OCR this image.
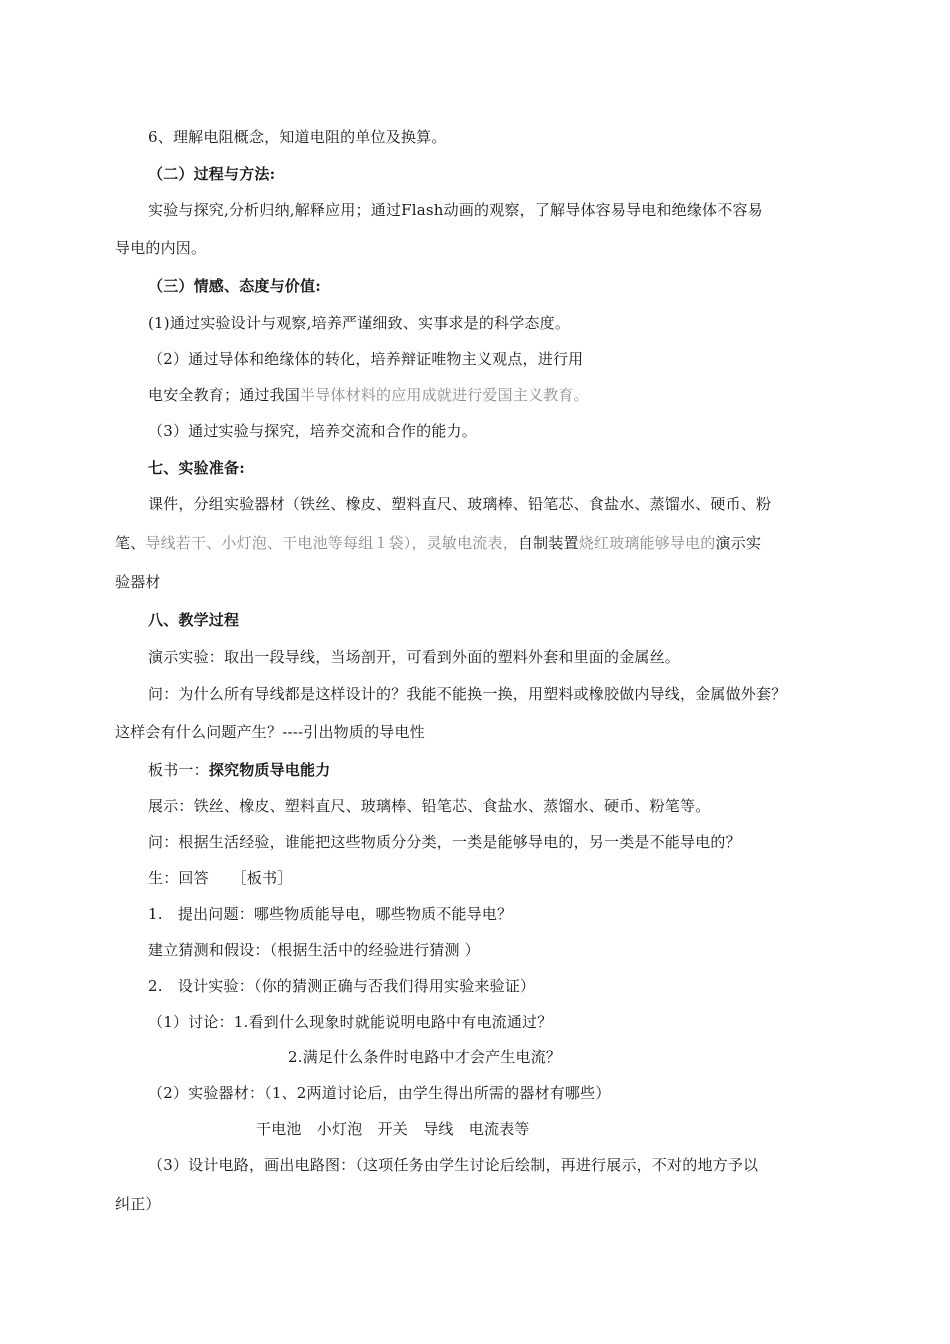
6、理解电阻概念，知道电阻的单位及换算。
（二）过程与方法:
实验与探究,分析归纳,解释应用；通过Flash动画的观察，了解导体容易导电和绝缘体不容易
导电的内因。
（三）情感、态度与价值:
(1)通过实验设计与观察,培养严谨细致、实事求是的科学态度。
（2）通过导体和绝缘体的转化，培养辩证唯物主义观点，进行用
电安全教育；通过我国半导体材料的应用成就进行爱国主义教育。
（3）通过实验与探究，培养交流和合作的能力。
七、实验准备:
课件，分组实验器材（铁丝、橡皮、塑料直尺、玻璃棒、铅笔芯、食盐水、蒸馏水、硬币、粉
笔、导线若干、小灯泡、干电池等每组１袋），灵敏电流表，自制装置烧红玻璃能够导电的演示实
验器材
八、教学过程
演示实验：取出一段导线，当场剖开，可看到外面的塑料外套和里面的金属丝。
问：为什么所有导线都是这样设计的？我能不能换一换，用塑料或橡胶做内导线，金属做外套？
这样会有什么问题产生？----引出物质的导电性
板书一：探究物质导电能力
展示：铁丝、橡皮、塑料直尺、玻璃棒、铅笔芯、食盐水、蒸馏水、硬币、粉笔等。
问：根据生活经验，谁能把这些物质分分类，一类是能够导电的，另一类是不能导电的？
生：回答　　［板书］
1.　提出问题：哪些物质能导电，哪些物质不能导电？
建立猜测和假设：（根据生活中的经验进行猜测 ）
2.　设计实验：（你的猜测正确与否我们得用实验来验证）
（1）讨论：1.看到什么现象时就能说明电路中有电流通过？
2.满足什么条件时电路中才会产生电流？
（2）实验器材：（1、2两道讨论后，由学生得出所需的器材有哪些）
干电池　小灯泡　开关　导线　电流表等
（3）设计电路，画出电路图：（这项任务由学生讨论后绘制，再进行展示，不对的地方予以
纠正）
